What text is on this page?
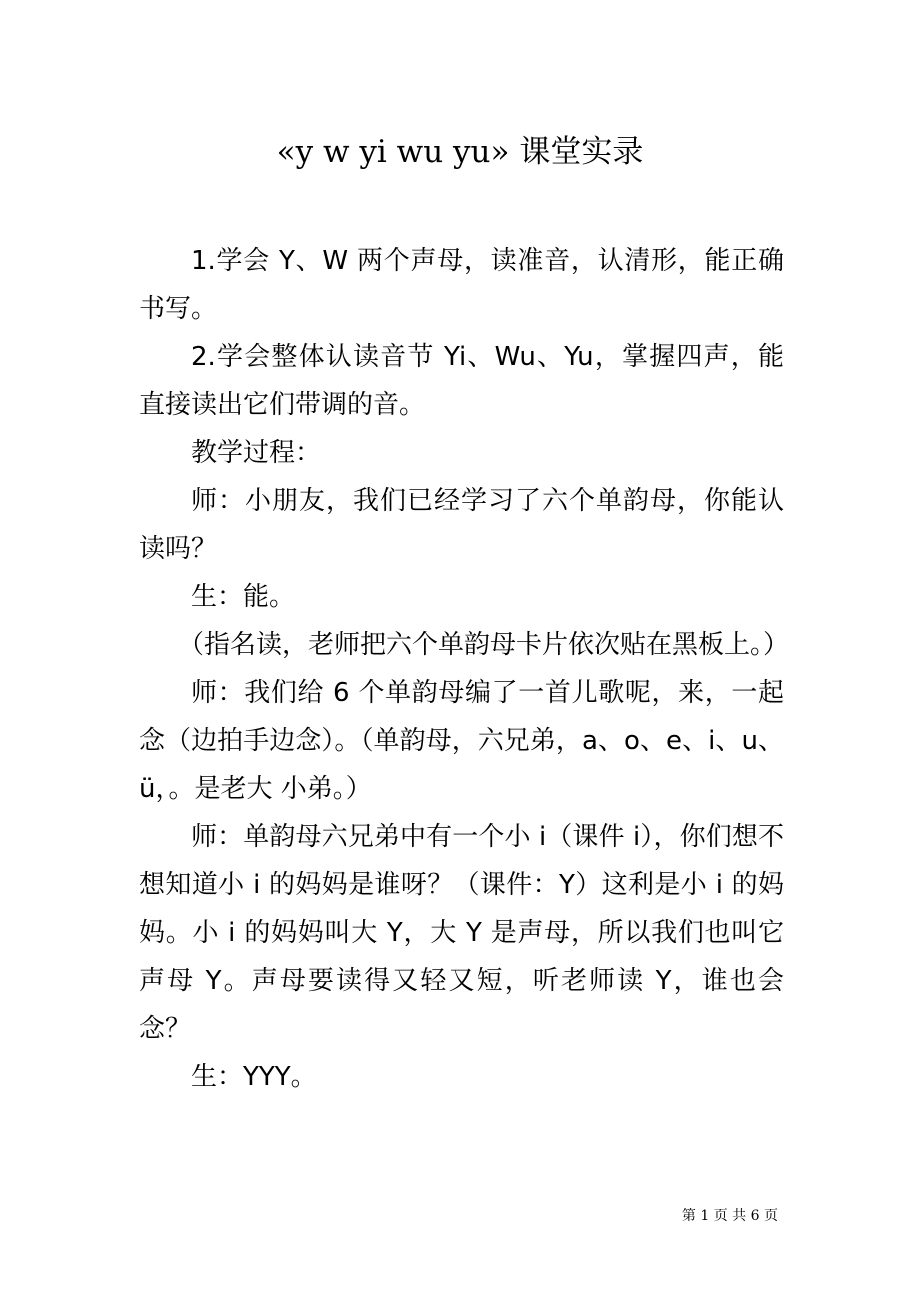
«y w yi wu yu» 课堂实录

1.学会 Y、W 两个声母，读准音，认清形，能正确书写。

2.学会整体认读音节 Yi、Wu、Yu，掌握四声，能直接读出它们带调的音。

教学过程：

师：小朋友，我们已经学习了六个单韵母，你能认读吗？

生：能。

（指名读，老师把六个单韵母卡片依次贴在黑板上。）

师：我们给 6 个单韵母编了一首儿歌呢，来，一起念（边拍手边念）。（单韵母，六兄弟，a、o、e、i、u、ü，。是老大 小弟。）

师：单韵母六兄弟中有一个小 i（课件 i），你们想不想知道小 i 的妈妈是谁呀？（课件：Y）这利是小 i 的妈妈。小 i 的妈妈叫大 Y，大 Y 是声母，所以我们也叫它声母 Y。声母要读得又轻又短，听老师读 Y，谁也会念？

生：YYY。

第 1 页 共 6 页
